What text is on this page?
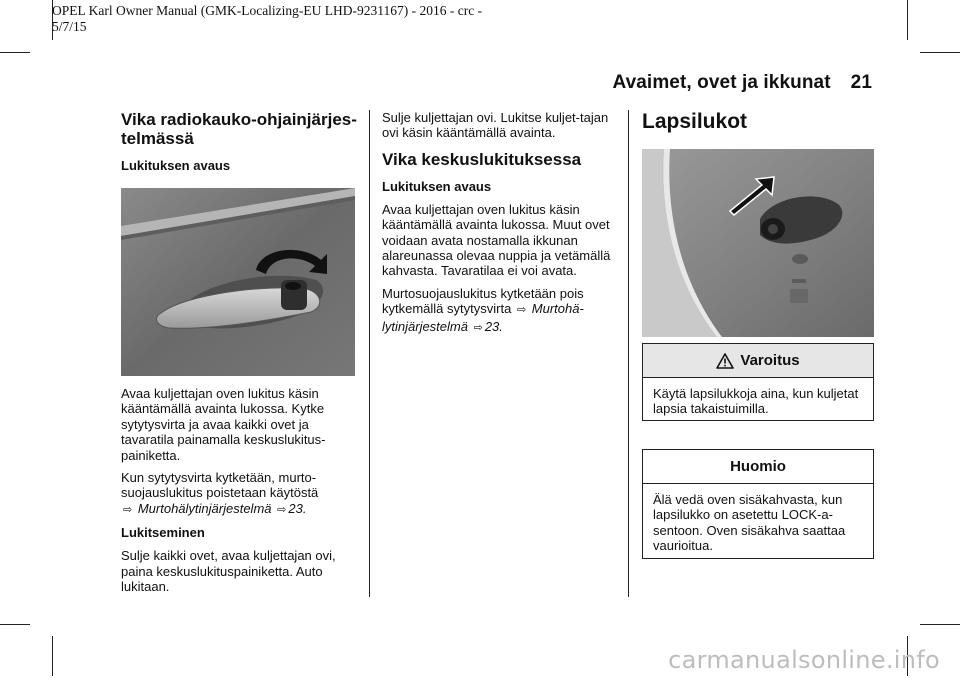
OPEL Karl Owner Manual (GMK-Localizing-EU LHD-9231167) - 2016 - crc -
5/7/15
Avaimet, ovet ja ikkunat 21
Vika radiokauko-ohjainjärjes-
telmässä
Lukituksen avaus

Avaa kuljettajan oven lukitus käsin kääntämällä avainta lukossa. Kytke sytytysvirta ja avaa kaikki ovet ja tavaratila painamalla keskuslukitus-painiketta.

Kun sytytysvirta kytketään, murto-suojauslukitus poistetaan käytöstä
⇨ Murtohälytinjärjestelmä ⇨ 23.

Lukitseminen

Sulje kaikki ovet, avaa kuljettajan ovi, paina keskuslukituspainiketta. Auto lukitaan.

Sulje kuljettajan ovi. Lukitse kuljet-tajan ovi käsin kääntämällä avainta.

Vika keskuslukituksessa
Lukituksen avaus

Avaa kuljettajan oven lukitus käsin kääntämällä avainta lukossa. Muut ovet voidaan avata nostamalla ikkunan alareunassa olevaa nuppia ja vetämällä kahvasta. Tavaratilaa ei voi avata.

Murtosuojauslukitus kytketään pois kytkemällä sytytysvirta ⇨ Murtohä-lytinjärjestelmä ⇨ 23.

Lapsilukot
Varoitus
Käytä lapsilukkoja aina, kun kuljetat lapsia takaistuimilla.
Huomio
Älä vedä oven sisäkahvasta, kun lapsilukko on asetettu LOCK-a-sentoon. Oven sisäkahva saattaa vaurioitua.
carmanualsonline.info
